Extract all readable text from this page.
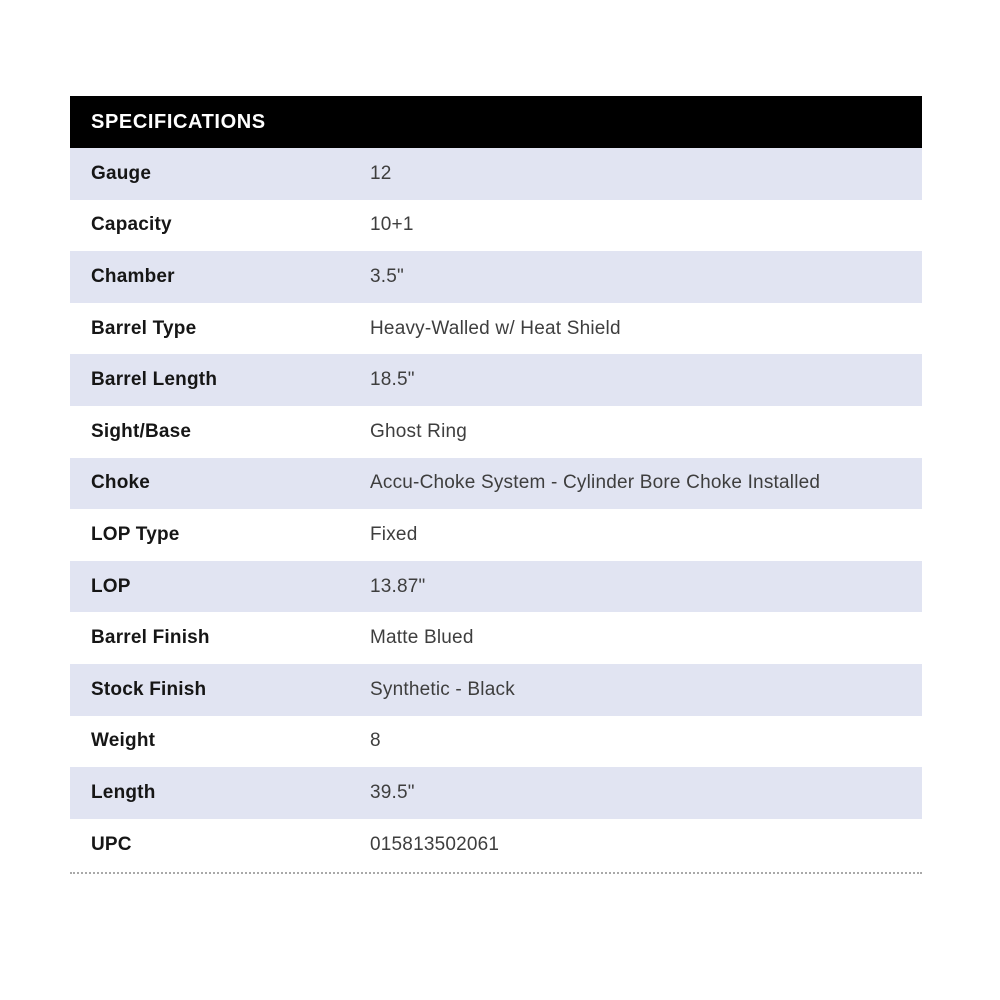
SPECIFICATIONS
Gauge	12
Capacity	10+1
Chamber	3.5"
Barrel Type	Heavy-Walled w/ Heat Shield
Barrel Length	18.5"
Sight/Base	Ghost Ring
Choke	Accu-Choke System - Cylinder Bore Choke Installed
LOP Type	Fixed
LOP	13.87"
Barrel Finish	Matte Blued
Stock Finish	Synthetic - Black
Weight	8
Length	39.5"
UPC	015813502061
